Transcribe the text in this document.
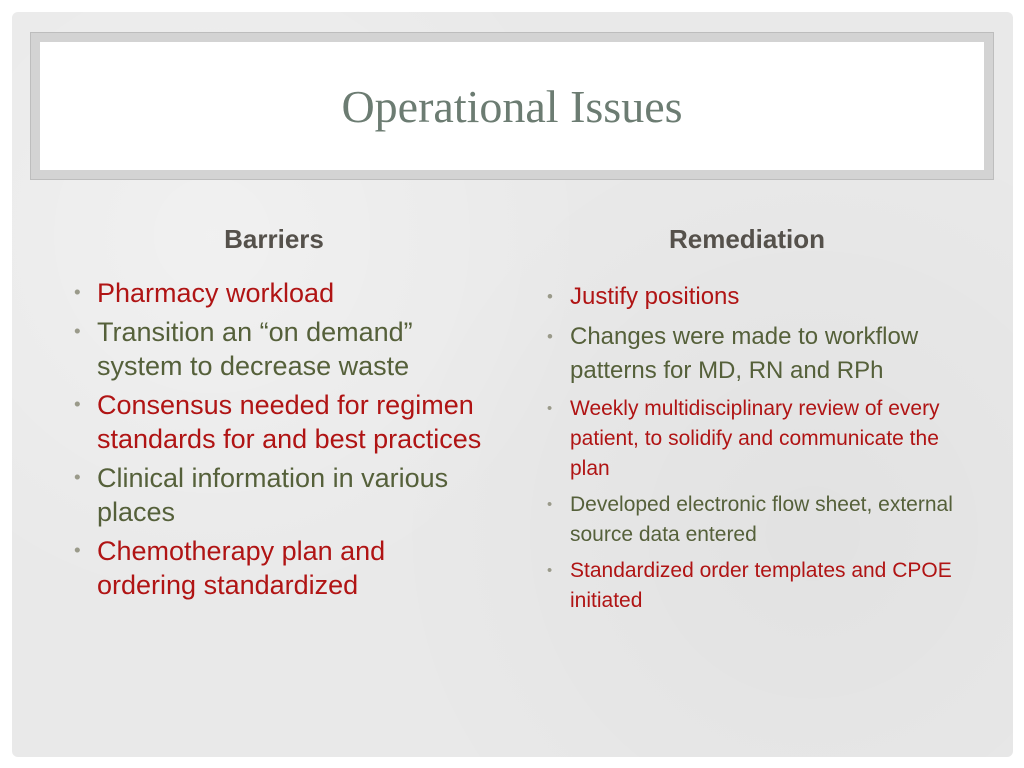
Operational Issues
Barriers	Remediation
• Pharmacy workload
• Transition an “on demand” system to decrease waste
• Consensus needed for regimen standards for and best practices
• Clinical information in various places
• Chemotherapy plan and ordering standardized
• Justify positions
• Changes were made to workflow patterns for MD, RN and RPh
• Weekly multidisciplinary review of every patient, to solidify and communicate the plan
• Developed electronic flow sheet, external source data entered
• Standardized order templates and CPOE initiated
